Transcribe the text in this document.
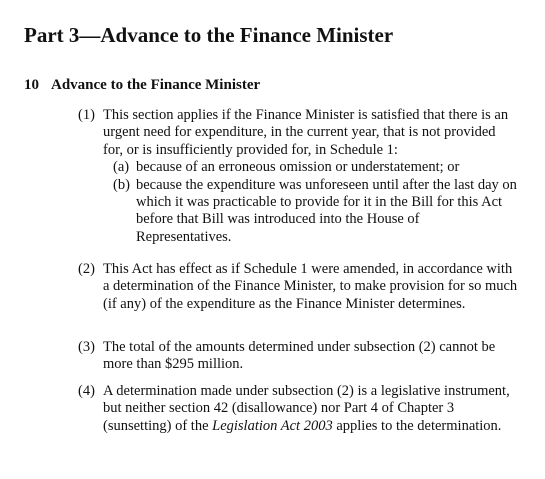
Part 3—Advance to the Finance Minister
10 Advance to the Finance Minister
(1) This section applies if the Finance Minister is satisfied that there is an urgent need for expenditure, in the current year, that is not provided for, or is insufficiently provided for, in Schedule 1:
(a) because of an erroneous omission or understatement; or
(b) because the expenditure was unforeseen until after the last day on which it was practicable to provide for it in the Bill for this Act before that Bill was introduced into the House of Representatives.
(2) This Act has effect as if Schedule 1 were amended, in accordance with a determination of the Finance Minister, to make provision for so much (if any) of the expenditure as the Finance Minister determines.
(3) The total of the amounts determined under subsection (2) cannot be more than $295 million.
(4) A determination made under subsection (2) is a legislative instrument, but neither section 42 (disallowance) nor Part 4 of Chapter 3 (sunsetting) of the Legislation Act 2003 applies to the determination.
